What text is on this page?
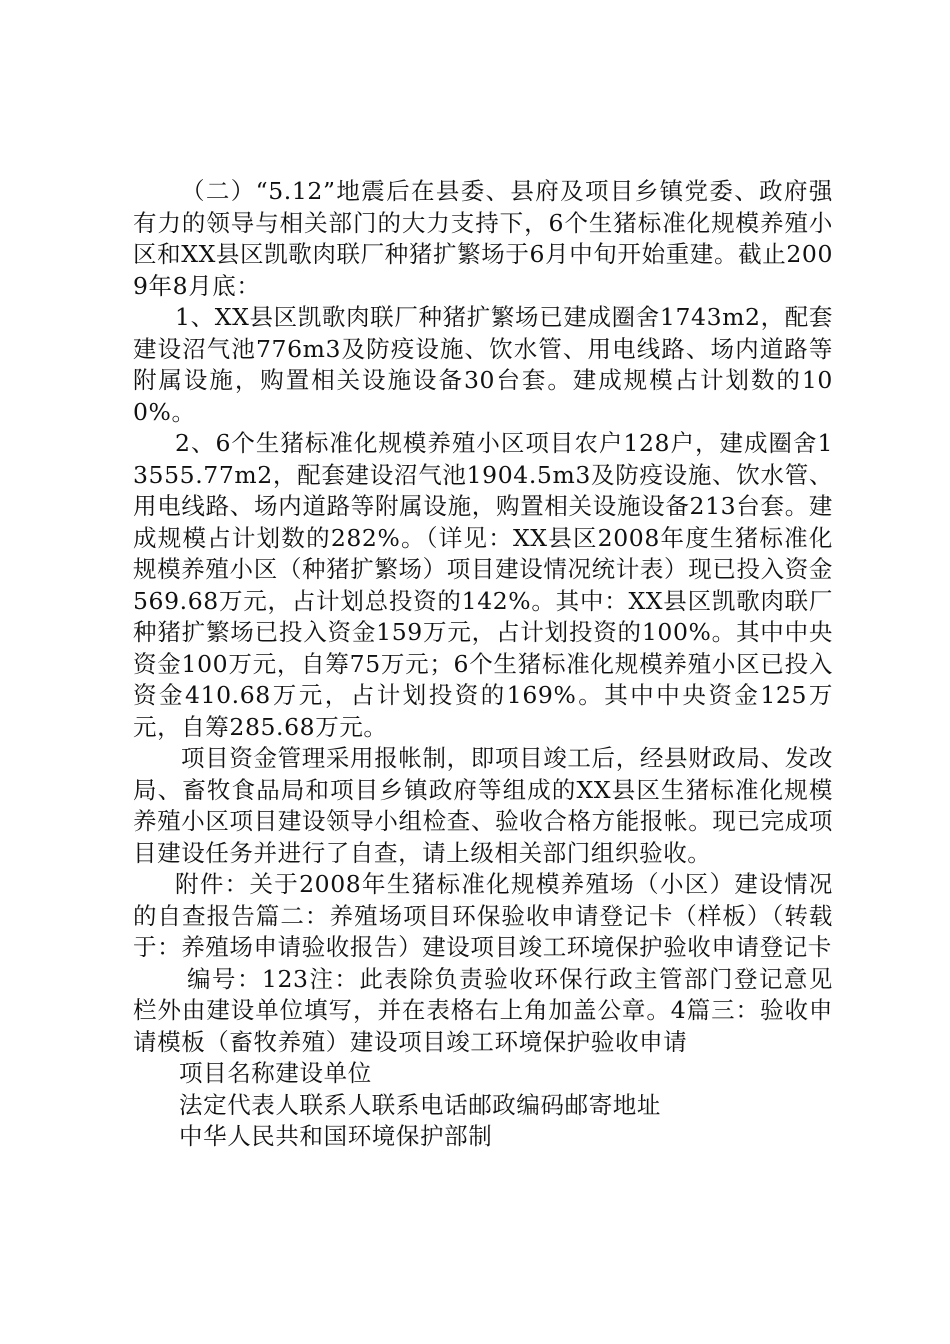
（二）“5.12”地震后在县委、县府及项目乡镇党委、政府强有力的领导与相关部门的大力支持下，6个生猪标准化规模养殖小区和XX县区凯歌肉联厂种猪扩繁场于6月中旬开始重建。截止2009年8月底：

1、XX县区凯歌肉联厂种猪扩繁场已建成圈舍1743m2，配套建设沼气池776m3及防疫设施、饮水管、用电线路、场内道路等附属设施，购置相关设施设备30台套。建成规模占计划数的100%。

2、6个生猪标准化规模养殖小区项目农户128户，建成圈舍13555.77m2，配套建设沼气池1904.5m3及防疫设施、饮水管、用电线路、场内道路等附属设施，购置相关设施设备213台套。建成规模占计划数的282%。（详见：XX县区2008年度生猪标准化规模养殖小区（种猪扩繁场）项目建设情况统计表）现已投入资金569.68万元，占计划总投资的142%。其中：XX县区凯歌肉联厂种猪扩繁场已投入资金159万元，占计划投资的100%。其中中央资金100万元，自筹75万元；6个生猪标准化规模养殖小区已投入资金410.68万元，占计划投资的169%。其中中央资金125万元，自筹285.68万元。

项目资金管理采用报帐制，即项目竣工后，经县财政局、发改局、畜牧食品局和项目乡镇政府等组成的XX县区生猪标准化规模养殖小区项目建设领导小组检查、验收合格方能报帐。现已完成项目建设任务并进行了自查，请上级相关部门组织验收。

附件：关于2008年生猪标准化规模养殖场（小区）建设情况的自查报告篇二：养殖场项目环保验收申请登记卡（样板）（转载于：养殖场申请验收报告）建设项目竣工环境保护验收申请登记卡

编号：123注：此表除负责验收环保行政主管部门登记意见栏外由建设单位填写，并在表格右上角加盖公章。4篇三：验收申请模板（畜牧养殖）建设项目竣工环境保护验收申请

项目名称建设单位

法定代表人联系人联系电话邮政编码邮寄地址

中华人民共和国环境保护部制
